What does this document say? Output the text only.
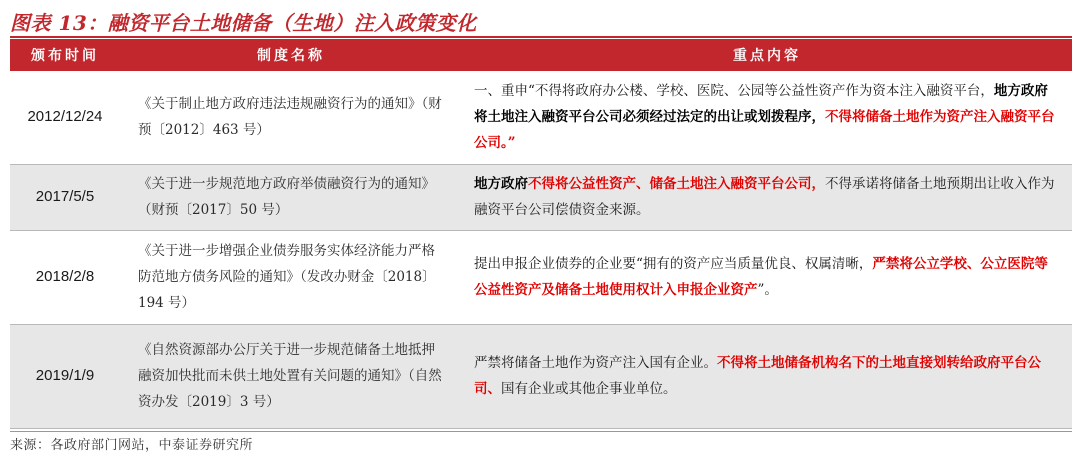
图表 13：融资平台土地储备（生地）注入政策变化
颁布时间	制度名称	重点内容
2012/12/24	《关于制止地方政府违法违规融资行为的通知》（财预〔2012〕463 号）	一、重申“不得将政府办公楼、学校、医院、公园等公益性资产作为资本注入融资平台，地方政府将土地注入融资平台公司必须经过法定的出让或划拨程序，不得将储备土地作为资产注入融资平台公司。”
2017/5/5	《关于进一步规范地方政府举债融资行为的通知》（财预〔2017〕50 号）	地方政府不得将公益性资产、储备土地注入融资平台公司，不得承诺将储备土地预期出让收入作为融资平台公司偿债资金来源。
2018/2/8	《关于进一步增强企业债券服务实体经济能力严格防范地方债务风险的通知》（发改办财金〔2018〕194 号）	提出申报企业债券的企业要“拥有的资产应当质量优良、权属清晰，严禁将公立学校、公立医院等公益性资产及储备土地使用权计入申报企业资产”。
2019/1/9	《自然资源部办公厅关于进一步规范储备土地抵押融资加快批而未供土地处置有关问题的通知》（自然资办发〔2019〕3 号）	严禁将储备土地作为资产注入国有企业。不得将土地储备机构名下的土地直接划转给政府平台公司、国有企业或其他企事业单位。
来源：各政府部门网站，中泰证券研究所
